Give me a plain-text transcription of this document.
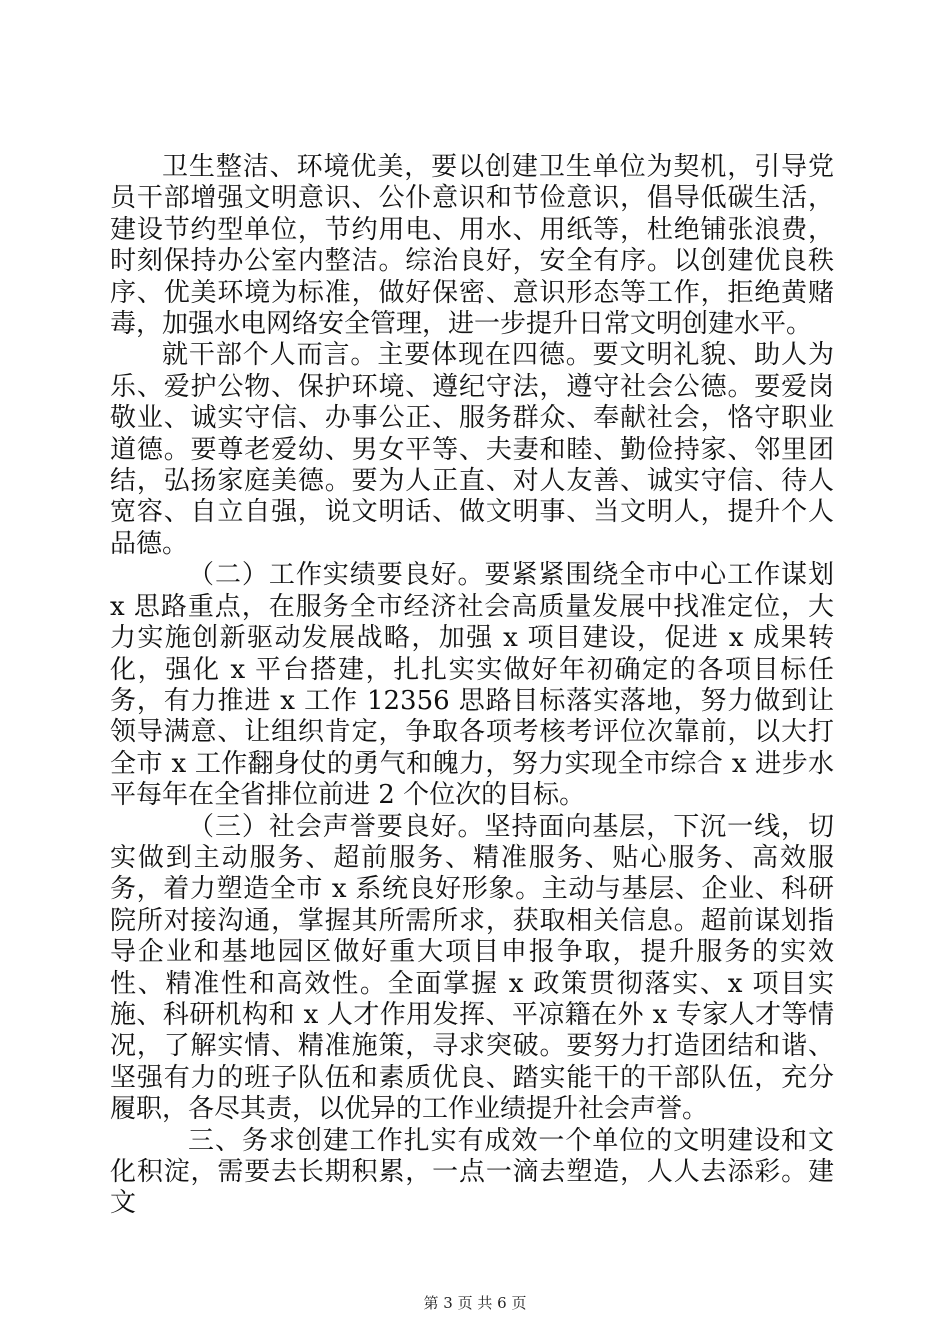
卫生整洁、环境优美，要以创建卫生单位为契机，引导党员干部增强文明意识、公仆意识和节俭意识，倡导低碳生活，建设节约型单位，节约用电、用水、用纸等，杜绝铺张浪费，时刻保持办公室内整洁。综治良好，安全有序。以创建优良秩序、优美环境为标准，做好保密、意识形态等工作，拒绝黄赌毒，加强水电网络安全管理，进一步提升日常文明创建水平。

就干部个人而言。主要体现在四德。要文明礼貌、助人为乐、爱护公物、保护环境、遵纪守法，遵守社会公德。要爱岗敬业、诚实守信、办事公正、服务群众、奉献社会，恪守职业道德。要尊老爱幼、男女平等、夫妻和睦、勤俭持家、邻里团结，弘扬家庭美德。要为人正直、对人友善、诚实守信、待人宽容、自立自强，说文明话、做文明事、当文明人，提升个人品德。

（二）工作实绩要良好。要紧紧围绕全市中心工作谋划 x 思路重点，在服务全市经济社会高质量发展中找准定位，大力实施创新驱动发展战略，加强 x 项目建设，促进 x 成果转化，强化 x 平台搭建，扎扎实实做好年初确定的各项目标任务，有力推进 x 工作 12356 思路目标落实落地，努力做到让领导满意、让组织肯定，争取各项考核考评位次靠前，以大打全市 x 工作翻身仗的勇气和魄力，努力实现全市综合 x 进步水平每年在全省排位前进 2 个位次的目标。

（三）社会声誉要良好。坚持面向基层，下沉一线，切实做到主动服务、超前服务、精准服务、贴心服务、高效服务，着力塑造全市 x 系统良好形象。主动与基层、企业、科研院所对接沟通，掌握其所需所求，获取相关信息。超前谋划指导企业和基地园区做好重大项目申报争取，提升服务的实效性、精准性和高效性。全面掌握 x 政策贯彻落实、x 项目实施、科研机构和 x 人才作用发挥、平凉籍在外 x 专家人才等情况，了解实情、精准施策，寻求突破。要努力打造团结和谐、坚强有力的班子队伍和素质优良、踏实能干的干部队伍，充分履职，各尽其责，以优异的工作业绩提升社会声誉。

三、务求创建工作扎实有成效一个单位的文明建设和文化积淀，需要去长期积累，一点一滴去塑造，人人去添彩。建文

第 3 页 共 6 页
